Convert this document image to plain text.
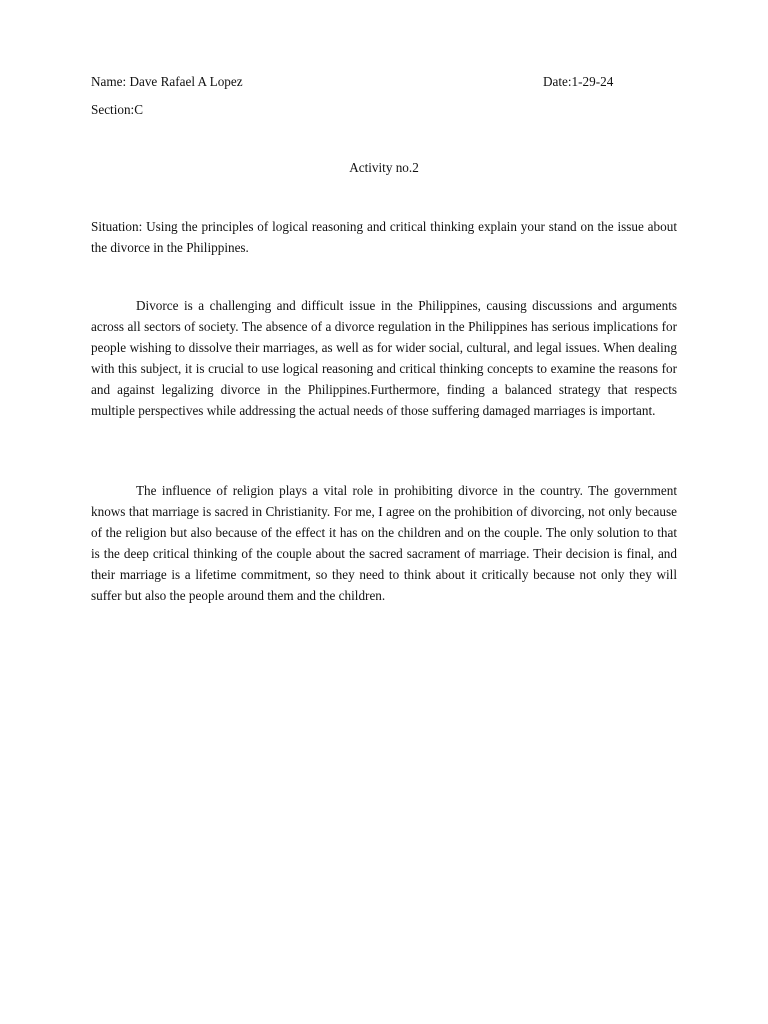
Name: Dave Rafael A Lopez	Date:1-29-24
Section:C
Activity no.2

Situation: Using the principles of logical reasoning and critical thinking explain your stand on the issue about the divorce in the Philippines.

Divorce is a challenging and difficult issue in the Philippines, causing discussions and arguments across all sectors of society. The absence of a divorce regulation in the Philippines has serious implications for people wishing to dissolve their marriages, as well as for wider social, cultural, and legal issues. When dealing with this subject, it is crucial to use logical reasoning and critical thinking concepts to examine the reasons for and against legalizing divorce in the Philippines.Furthermore, finding a balanced strategy that respects multiple perspectives while addressing the actual needs of those suffering damaged marriages is important.

The influence of religion plays a vital role in prohibiting divorce in the country. The government knows that marriage is sacred in Christianity. For me, I agree on the prohibition of divorcing, not only because of the religion but also because of the effect it has on the children and on the couple. The only solution to that is the deep critical thinking of the couple about the sacred sacrament of marriage. Their decision is final, and their marriage is a lifetime commitment, so they need to think about it critically because not only they will suffer but also the people around them and the children.
